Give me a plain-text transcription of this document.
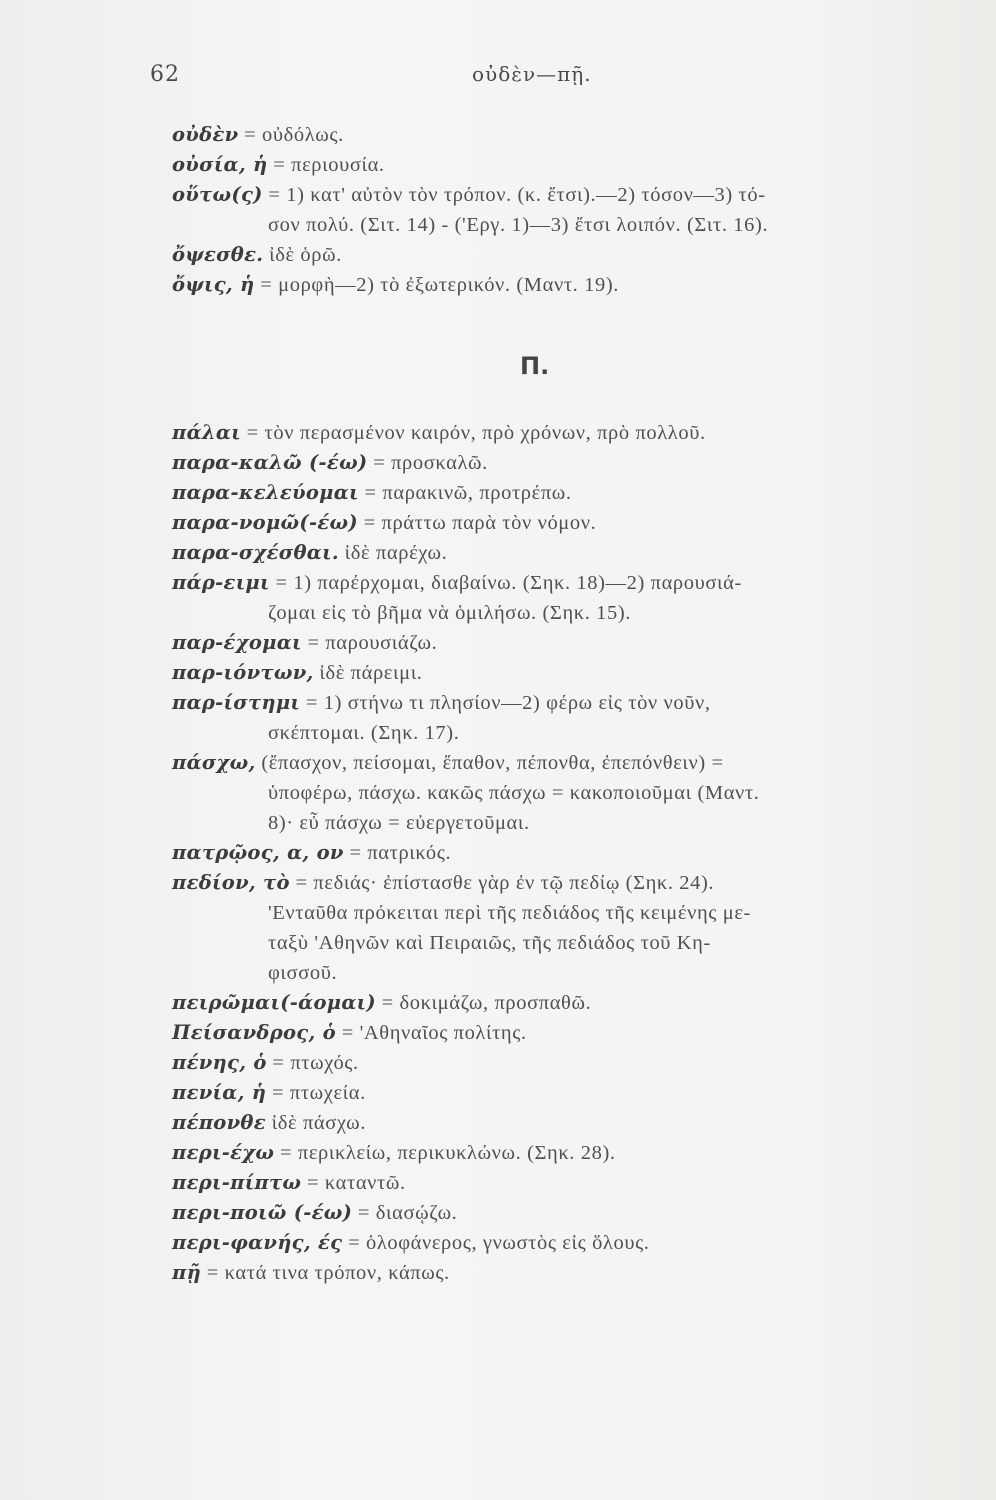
62	οὐδὲν—πῇ.
οὐδὲν = οὐδόλως.
οὐσία, ἡ = περιουσία.
οὕτω(ς) = 1) κατ' αὐτὸν τὸν τρόπον. (κ. ἔτσι).—2) τόσον—3) τό-
σον πολύ. (Σιτ. 14) - ('Εργ. 1)—3) ἔτσι λοιπόν. (Σιτ. 16).
ὄψεσθε. ἰδὲ ὁρῶ.
ὄψις, ἡ = μορφὴ—2) τὸ ἐξωτερικόν. (Μαντ. 19).
Π.
πάλαι = τὸν περασμένον καιρόν, πρὸ χρόνων, πρὸ πολλοῦ.
παρα-καλῶ (-έω) = προσκαλῶ.
παρα-κελεύομαι = παρακινῶ, προτρέπω.
παρα-νομῶ(-έω) = πράττω παρὰ τὸν νόμον.
παρα-σχέσθαι. ἰδὲ παρέχω.
πάρ-ειμι = 1) παρέρχομαι, διαβαίνω. (Σηκ. 18)—2) παρουσιά-
ζομαι εἰς τὸ βῆμα νὰ ὁμιλήσω. (Σηκ. 15).
παρ-έχομαι = παρουσιάζω.
παρ-ιόντων, ἰδὲ πάρειμι.
παρ-ίστημι = 1) στήνω τι πλησίον—2) φέρω εἰς τὸν νοῦν,
σκέπτομαι. (Σηκ. 17).
πάσχω, (ἔπασχον, πείσομαι, ἔπαθον, πέπονθα, ἐπεπόνθειν) =
ὑποφέρω, πάσχω. κακῶς πάσχω = κακοποιοῦμαι (Μαντ.
8)· εὖ πάσχω = εὐεργετοῦμαι.
πατρῷος, α, ον = πατρικός.
πεδίον, τὸ = πεδιάς· ἐπίστασθε γὰρ ἐν τῷ πεδίῳ (Σηκ. 24).
'Ενταῦθα πρόκειται περὶ τῆς πεδιάδος τῆς κειμένης με-
ταξὺ 'Αθηνῶν καὶ Πειραιῶς, τῆς πεδιάδος τοῦ Κη-
φισσοῦ.
πειρῶμαι(-άομαι) = δοκιμάζω, προσπαθῶ.
Πείσανδρος, ὁ = 'Αθηναῖος πολίτης.
πένης, ὁ = πτωχός.
πενία, ἡ = πτωχεία.
πέπονθε ἰδὲ πάσχω.
περι-έχω = περικλείω, περικυκλώνω. (Σηκ. 28).
περι-πίπτω = καταντῶ.
περι-ποιῶ (-έω) = διασῴζω.
περι-φανής, ές = ὁλοφάνερος, γνωστὸς εἰς ὅλους.
πῇ = κατά τινα τρόπον, κάπως.
